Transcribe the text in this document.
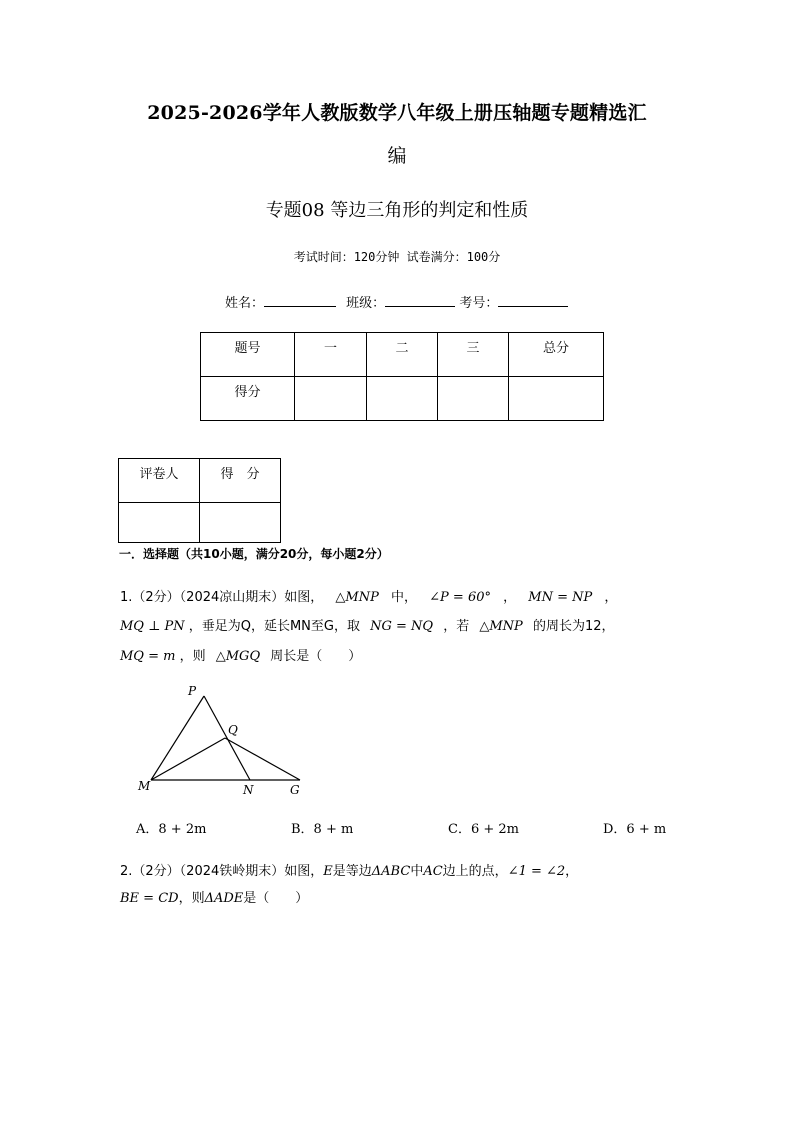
2025-2026学年人教版数学八年级上册压轴题专题精选汇
编
专题08 等边三角形的判定和性质
考试时间：120分钟 试卷满分：100分
姓名：	班级：	考号：
题号	一	二	三	总分
得分				
评卷人	得　分

一．选择题（共10小题，满分20分，每小题2分）
1.（2分）（2024凉山期末）如图， △MNP 中， ∠P = 60° ， MN = NP ，
MQ ⊥ PN ，垂足为Q，延长MN至G，取 NG = NQ ，若 △MNP 的周长为12，
MQ = m ，则 △MGQ 周长是（　　）
P
Q
M	N	G
A．8 + 2m	B．8 + m	C．6 + 2m	D．6 + m
2.（2分）（2024铁岭期末）如图，E是等边ΔABC中AC边上的点，∠1 = ∠2，
BE = CD，则ΔADE是（　　）
